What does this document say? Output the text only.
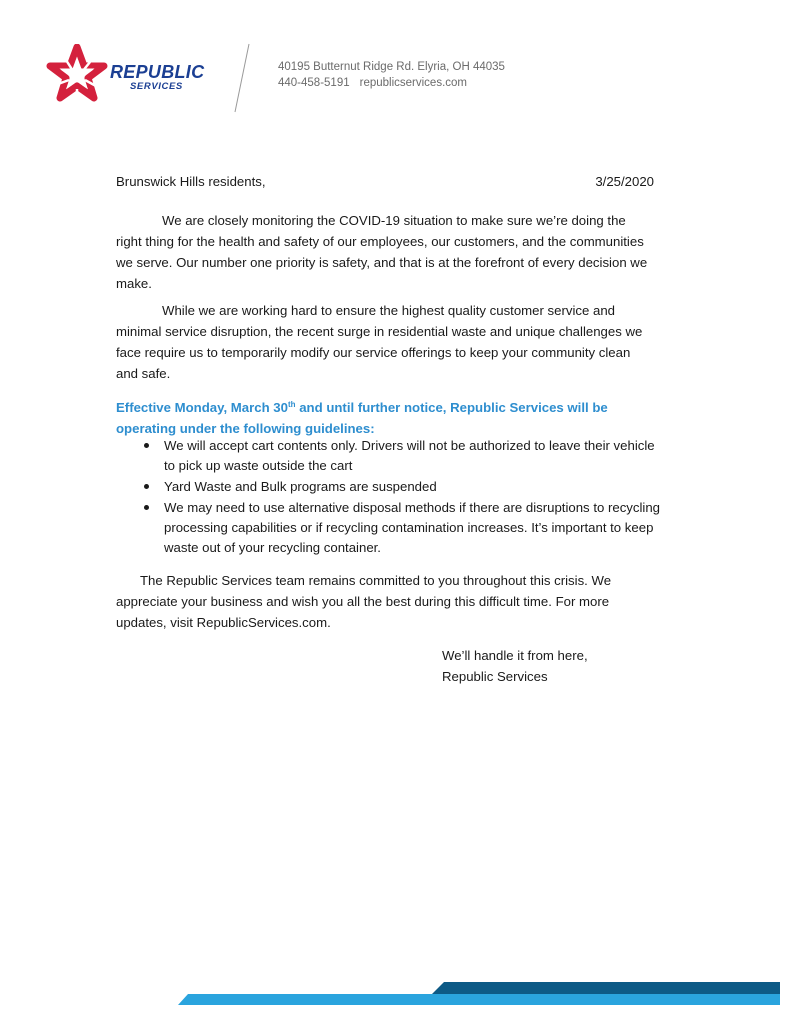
REPUBLIC
SERVICES
40195 Butternut Ridge Rd. Elyria, OH 44035
440-458-5191 republicservices.com
Brunswick Hills residents,	3/25/2020

We are closely monitoring the COVID-19 situation to make sure we’re doing the right thing for the health and safety of our employees, our customers, and the communities we serve. Our number one priority is safety, and that is at the forefront of every decision we make.

While we are working hard to ensure the highest quality customer service and minimal service disruption, the recent surge in residential waste and unique challenges we face require us to temporarily modify our service offerings to keep your community clean and safe.

Effective Monday, March 30th and until further notice, Republic Services will be operating under the following guidelines:
We will accept cart contents only. Drivers will not be authorized to leave their vehicle to pick up waste outside the cart
Yard Waste and Bulk programs are suspended
We may need to use alternative disposal methods if there are disruptions to recycling processing capabilities or if recycling contamination increases. It’s important to keep waste out of your recycling container.

The Republic Services team remains committed to you throughout this crisis. We appreciate your business and wish you all the best during this difficult time. For more updates, visit RepublicServices.com.

We’ll handle it from here,
Republic Services
